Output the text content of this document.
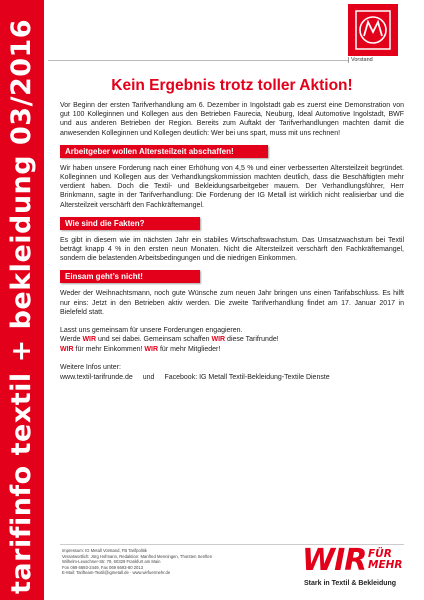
tarifinfo textil + bekleidung 03/2016	Vorstand
Kein Ergebnis trotz toller Aktion!

Vor Beginn der ersten Tarifverhandlung am 6. Dezember in Ingolstadt gab es zuerst eine Demonstration von gut 100 Kolleginnen und Kollegen aus den Betrieben Faurecia, Neuburg, Ideal Automotive Ingolstadt, BWF und aus anderen Betrieben der Region. Bereits zum Auftakt der Tarifverhandlungen machten damit die anwesenden Kolleginnen und Kollegen deutlich: Wer bei uns spart, muss mit uns rechnen!

Arbeitgeber wollen Altersteilzeit abschaffen!

Wir haben unsere Forderung nach einer Erhöhung von 4,5 % und einer verbesserten Altersteilzeit begründet. Kolleginnen und Kollegen aus der Verhandlungskommission machten deutlich, dass die Beschäftigten mehr verdient haben. Doch die Textil- und Bekleidungsarbeitgeber mauern. Der Verhandlungsführer, Herr Brinkmann, sagte in der Tarifverhandlung: Die Forderung der IG Metall ist wirklich nicht realisierbar und die Altersteilzeit verschärft den Fachkräftemangel.

Wie sind die Fakten?

Es gibt in diesem wie im nächsten Jahr ein stabiles Wirtschaftswachstum. Das Umsatzwachstum bei Textil beträgt knapp 4 % in den ersten neun Monaten. Nicht die Altersteilzeit verschärft den Fachkräftemangel, sondern die belastenden Arbeitsbedingungen und die niedrigen Einkommen.

Einsam geht’s nicht!

Weder der Weihnachtsmann, noch gute Wünsche zum neuen Jahr bringen uns einen Tarifabschluss. Es hilft nur eins: Jetzt in den Betrieben aktiv werden. Die zweite Tarifverhandlung findet am 17. Januar 2017 in Bielefeld statt.

Lasst uns gemeinsam für unsere Forderungen engagieren.
Werde WIR und sei dabei. Gemeinsam schaffen WIR diese Tarifrunde!
WIR für mehr Einkommen! WIR für mehr Mitglieder!
Weitere Infos unter:
www.textil-tarifrunde.de und Facebook: IG Metall Textil-Bekleidung-Textile Dienste
Impressum: IG Metall Vorstand, FB Tarifpolitik
Verantwortlich: Jörg Hofmann, Redaktion: Manfred Menningen, Thorsten Senften
Wilhelm-Leuschner-Str. 79, 60329 Frankfurt am Main
Fon 069 6693-2449, Fax 069 6693-80 2013
E-Mail: Tarifteam-Textil@igmetall.de · www.wirfuermehr.de	WIR FÜR
MEHR
Stark in Textil & Bekleidung
